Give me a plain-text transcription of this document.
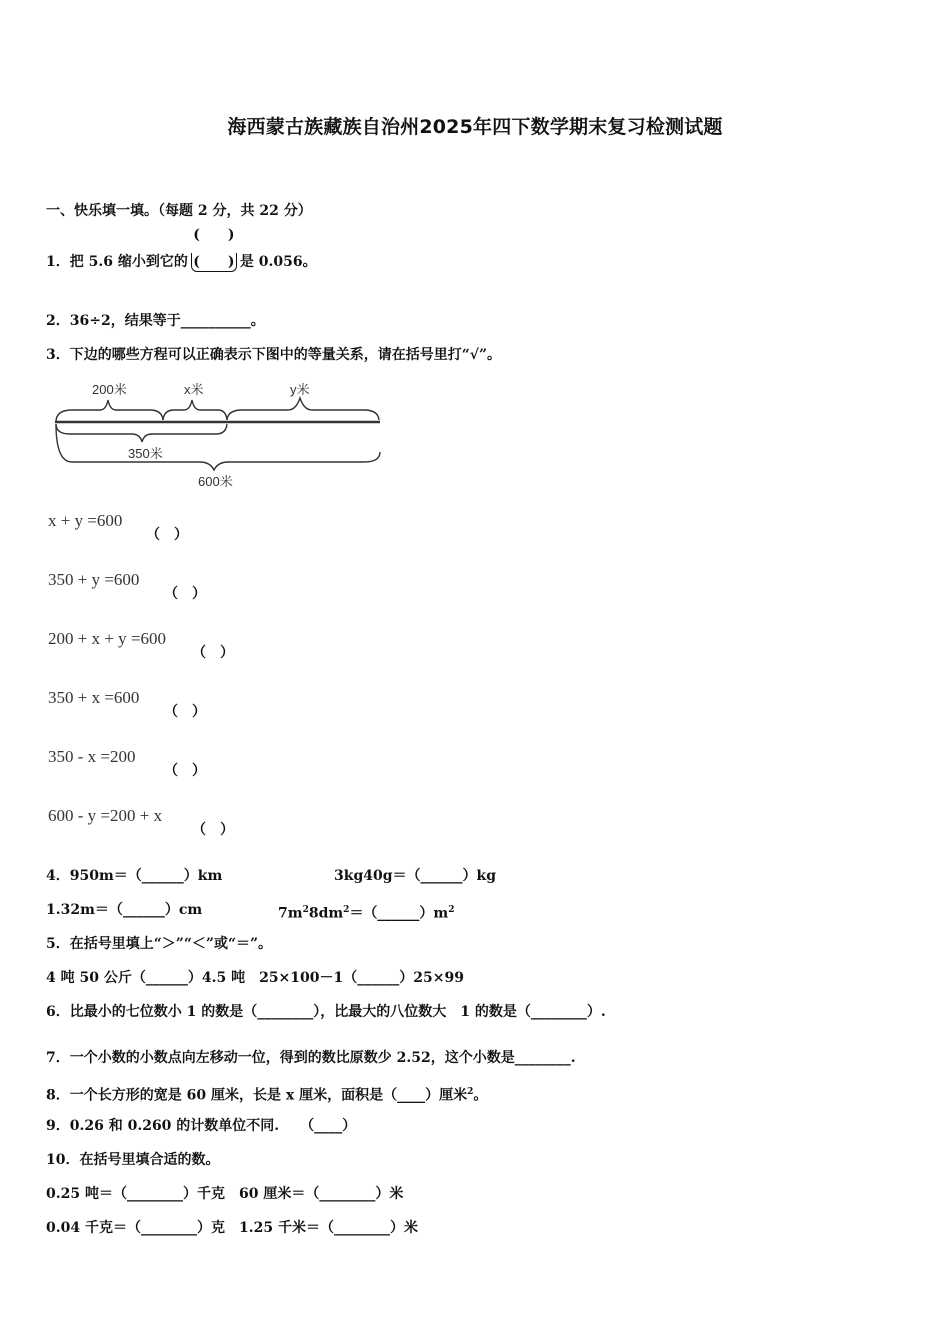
海西蒙古族藏族自治州2025年四下数学期末复习检测试题
一、快乐填一填。（每题 2 分，共 22 分）
1．把 5.6 缩小到它的
(　　)
(　　) 是 0.056。
2．36÷2，结果等于__________。
3．下边的哪些方程可以正确表示下图中的等量关系，请在括号里打“√”。
200米	x米	y米
350米
600米
x + y =600
（　）
350 + y =600
（　）
200 + x + y =600
（　）
350 + x =600
（　）
350 - x =200
（　）
600 - y =200 + x
（　）
4．950m＝（______）km	3kg40g＝（______）kg
1.32m＝（______）cm	$7m^28dm^2=(\_\_\_\_\_\_)m^2$
5．在括号里填上“＞”“＜”或“＝”。
4 吨 50 公斤（______）4.5 吨　25×100－1（______）25×99
6．比最小的七位数小 1 的数是（________），比最大的八位数大　1 的数是（________）.
7．一个小数的小数点向左移动一位，得到的数比原数少 2.52，这个小数是________.
8．一个长方形的宽是 60 厘米，长是 x 厘米，面积是（____）厘米$^2$。
9．0.26 和 0.260 的计数单位不同.　　（____）
10．在括号里填合适的数。
0.25 吨＝（________）千克　60 厘米＝（________）米
0.04 千克＝（________）克　1.25 千米＝（________）米
